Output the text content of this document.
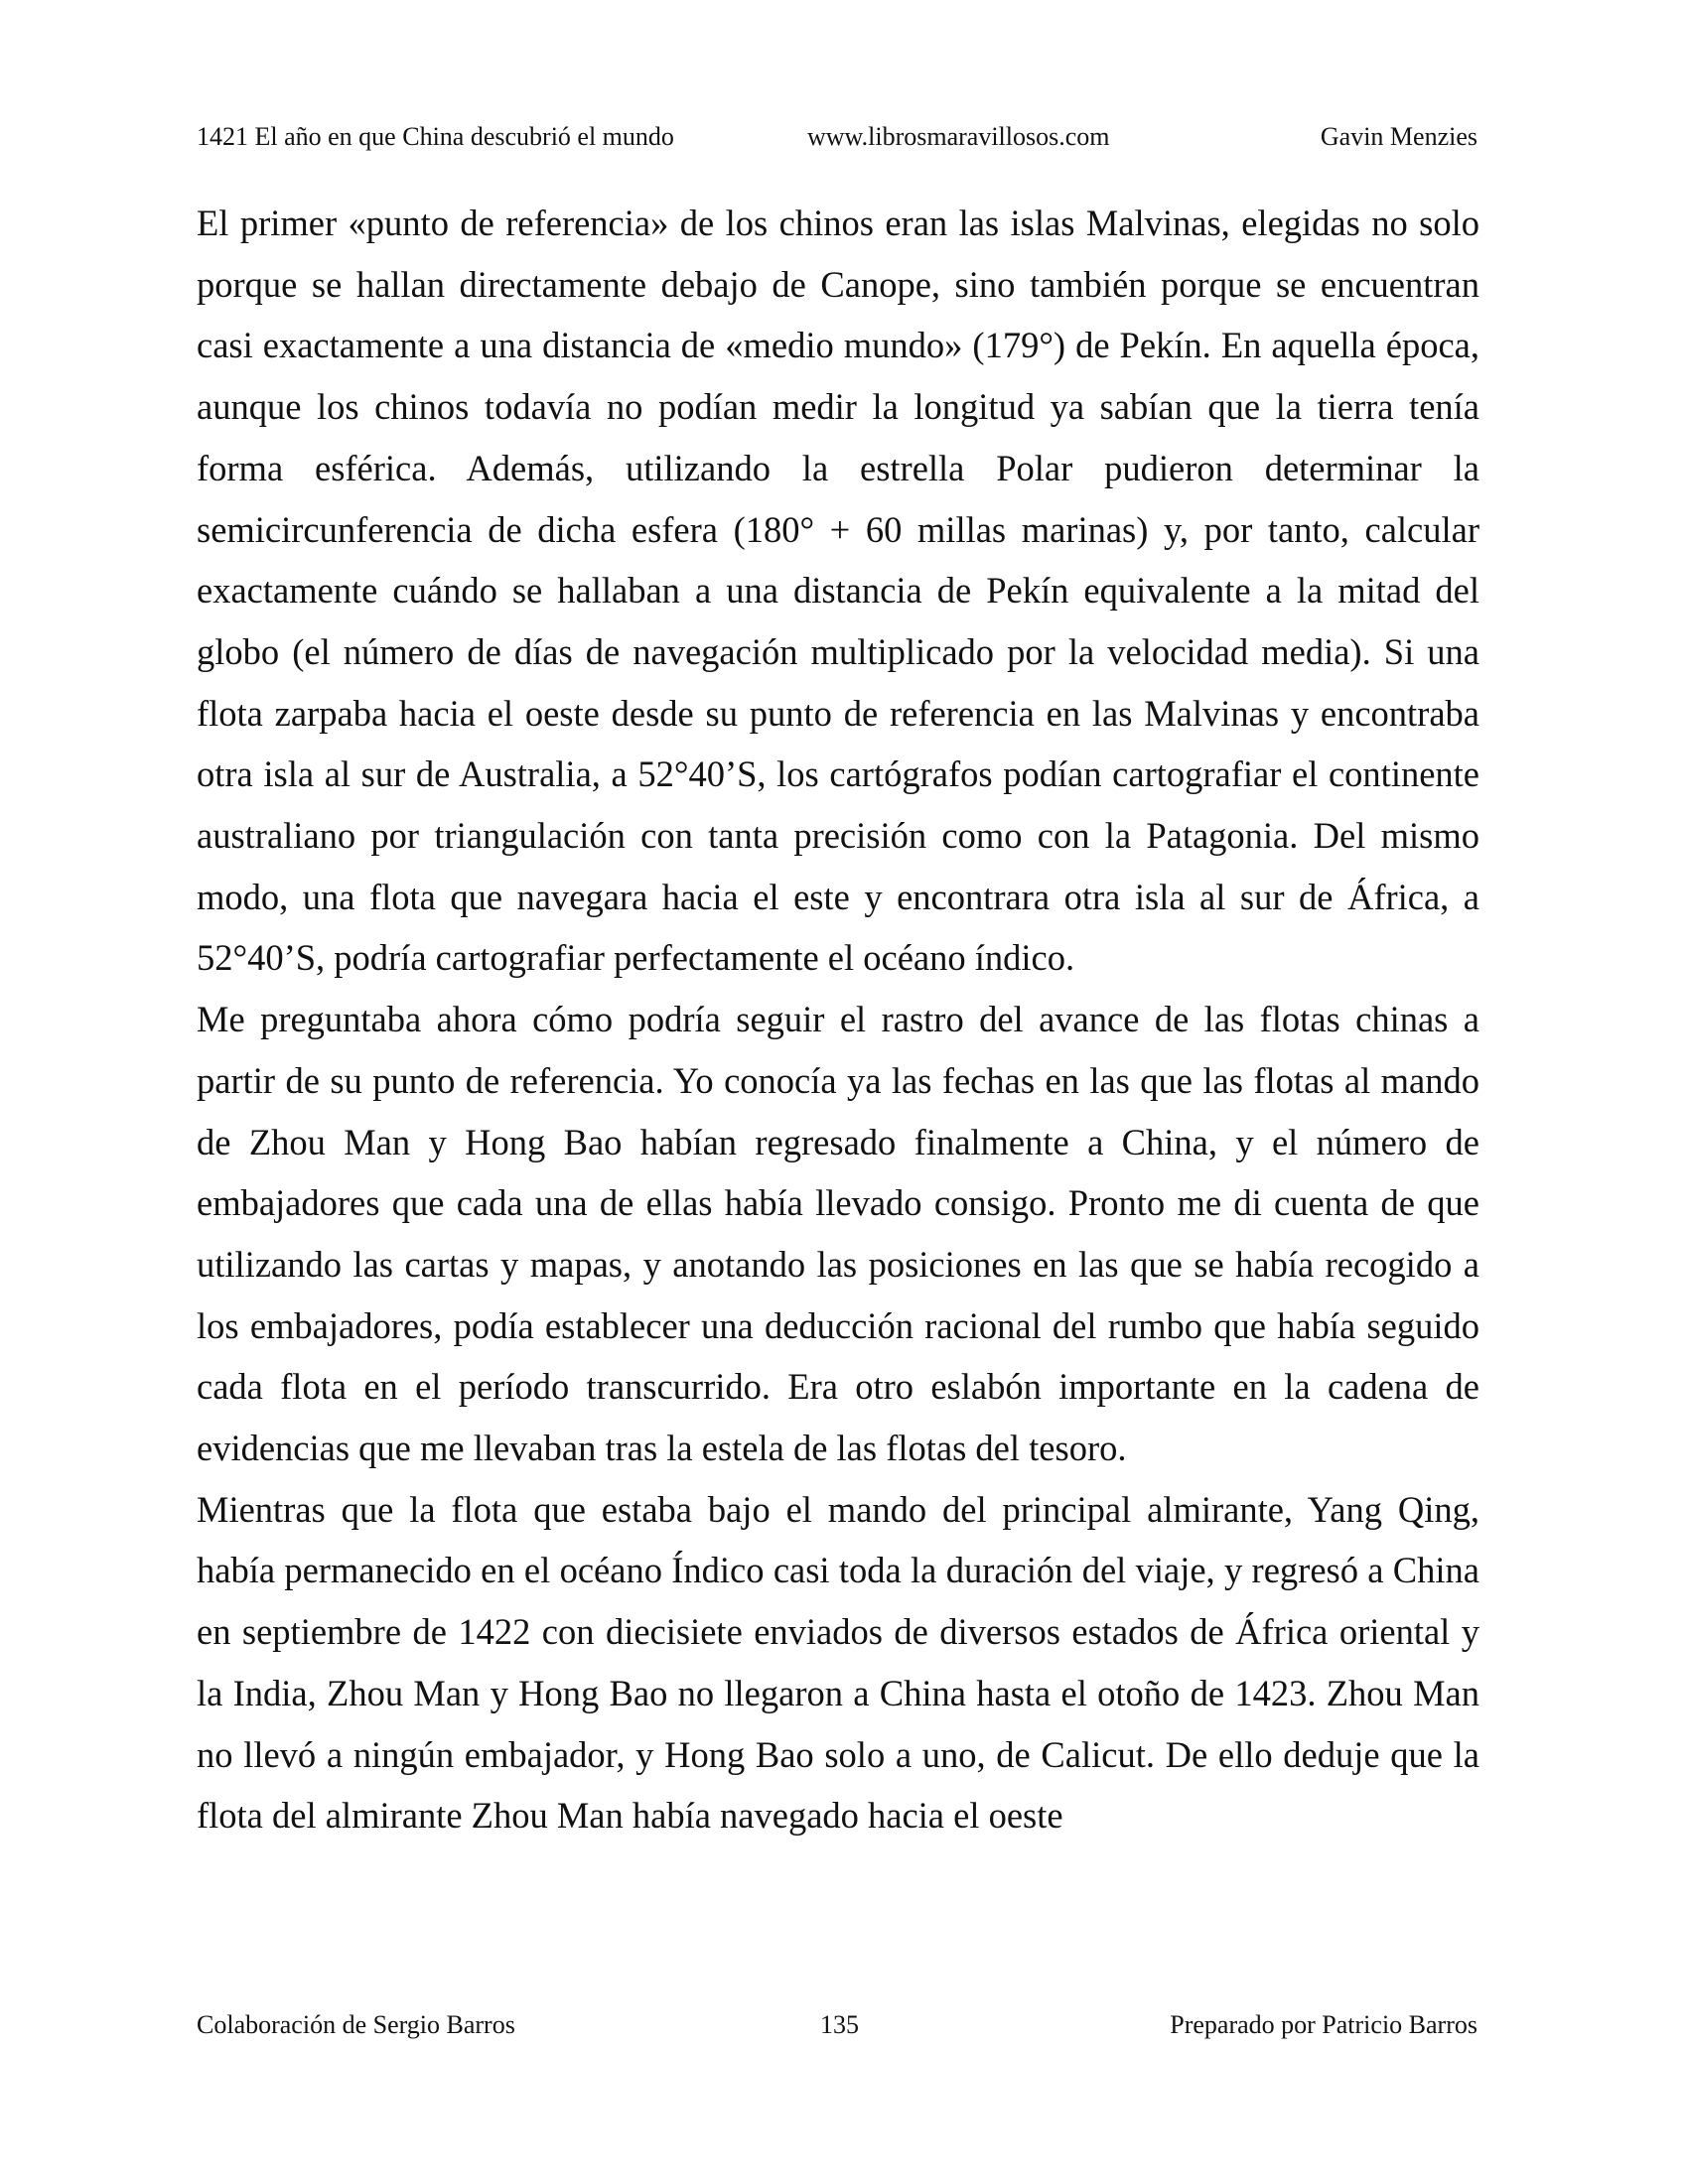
1421 El año en que China descubrió el mundo	www.librosmaravillosos.com	Gavin Menzies

El primer «punto de referencia» de los chinos eran las islas Malvinas, elegidas no solo porque se hallan directamente debajo de Canope, sino también porque se encuentran casi exactamente a una distancia de «medio mundo» (179°) de Pekín. En aquella época, aunque los chinos todavía no podían medir la longitud ya sabían que la tierra tenía forma esférica. Además, utilizando la estrella Polar pudieron determinar la semicircunferencia de dicha esfera (180° + 60 millas marinas) y, por tanto, calcular exactamente cuándo se hallaban a una distancia de Pekín equivalente a la mitad del globo (el número de días de navegación multiplicado por la velocidad media). Si una flota zarpaba hacia el oeste desde su punto de referencia en las Malvinas y encontraba otra isla al sur de Australia, a 52°40’S, los cartógrafos podían cartografiar el continente australiano por triangulación con tanta precisión como con la Patagonia. Del mismo modo, una flota que navegara hacia el este y encontrara otra isla al sur de África, a 52°40’S, podría cartografiar perfectamente el océano índico.

Me preguntaba ahora cómo podría seguir el rastro del avance de las flotas chinas a partir de su punto de referencia. Yo conocía ya las fechas en las que las flotas al mando de Zhou Man y Hong Bao habían regresado finalmente a China, y el número de embajadores que cada una de ellas había llevado consigo. Pronto me di cuenta de que utilizando las cartas y mapas, y anotando las posiciones en las que se había recogido a los embajadores, podía establecer una deducción racional del rumbo que había seguido cada flota en el período transcurrido. Era otro eslabón importante en la cadena de evidencias que me llevaban tras la estela de las flotas del tesoro.

Mientras que la flota que estaba bajo el mando del principal almirante, Yang Qing, había permanecido en el océano Índico casi toda la duración del viaje, y regresó a China en septiembre de 1422 con diecisiete enviados de diversos estados de África oriental y la India, Zhou Man y Hong Bao no llegaron a China hasta el otoño de 1423. Zhou Man no llevó a ningún embajador, y Hong Bao solo a uno, de Calicut. De ello deduje que la flota del almirante Zhou Man había navegado hacia el oeste

Colaboración de Sergio Barros	135	Preparado por Patricio Barros
